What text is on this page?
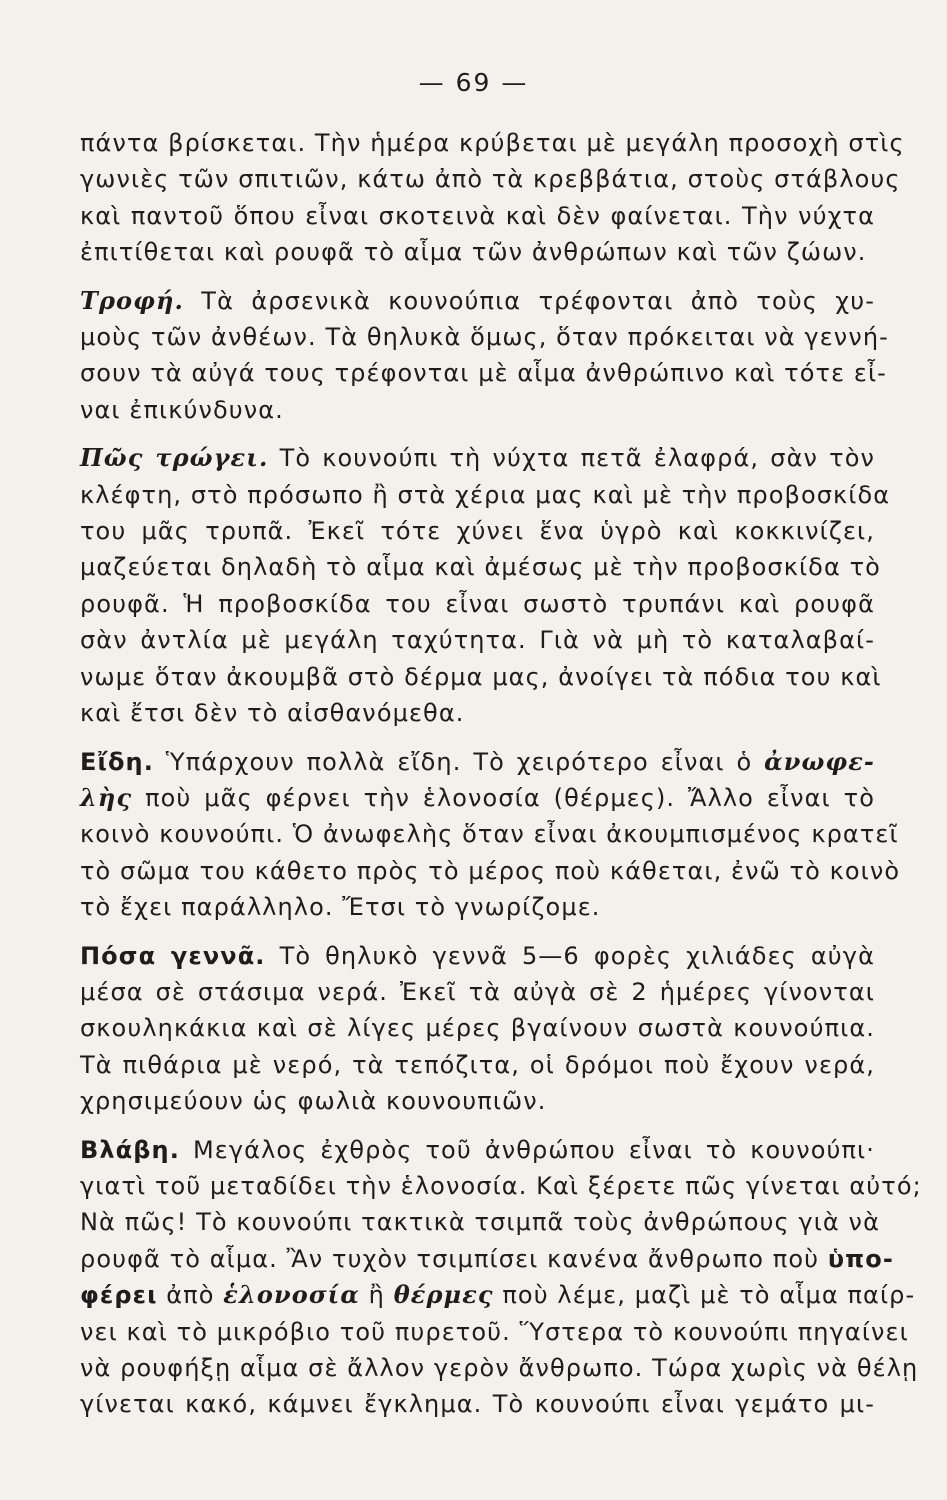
— 69 —
πάντα βρίσκεται. Τὴν ἡμέρα κρύβεται μὲ μεγάλη προσοχὴ στὶς
γωνιὲς τῶν σπιτιῶν, κάτω ἀπὸ τὰ κρεββάτια, στοὺς στάβλους
καὶ παντοῦ ὅπου εἶναι σκοτεινὰ καὶ δὲν φαίνεται. Τὴν νύχτα
ἐπιτίθεται καὶ ρουφᾶ τὸ αἷμα τῶν ἀνθρώπων καὶ τῶν ζώων.
Τροφή. Τὰ ἀρσενικὰ κουνούπια τρέφονται ἀπὸ τοὺς χυ-
μοὺς τῶν ἀνθέων. Τὰ θηλυκὰ ὅμως, ὅταν πρόκειται νὰ γεννή-
σουν τὰ αὐγά τους τρέφονται μὲ αἷμα ἀνθρώπινο καὶ τότε εἶ-
ναι ἐπικύνδυνα.
Πῶς τρώγει. Τὸ κουνούπι τὴ νύχτα πετᾶ ἐλαφρά, σὰν τὸν
κλέφτη, στὸ πρόσωπο ἢ στὰ χέρια μας καὶ μὲ τὴν προβοσκίδα
του μᾶς τρυπᾶ. Ἐκεῖ τότε χύνει ἕνα ὑγρὸ καὶ κοκκινίζει,
μαζεύεται δηλαδὴ τὸ αἷμα καὶ ἀμέσως μὲ τὴν προβοσκίδα τὸ
ρουφᾶ. Ἡ προβοσκίδα του εἶναι σωστὸ τρυπάνι καὶ ρουφᾶ
σὰν ἀντλία μὲ μεγάλη ταχύτητα. Γιὰ νὰ μὴ τὸ καταλαβαί-
νωμε ὅταν ἀκουμβᾶ στὸ δέρμα μας, ἀνοίγει τὰ πόδια του καὶ
καὶ ἔτσι δὲν τὸ αἰσθανόμεθα.
Εἴδη. Ὑπάρχουν πολλὰ εἴδη. Τὸ χειρότερο εἶναι ὁ ἀνωφε-
λὴς ποὺ μᾶς φέρνει τὴν ἑλονοσία (θέρμες). Ἄλλο εἶναι τὸ
κοινὸ κουνούπι. Ὁ ἀνωφελὴς ὅταν εἶναι ἀκουμπισμένος κρατεῖ
τὸ σῶμα του κάθετο πρὸς τὸ μέρος ποὺ κάθεται, ἐνῶ τὸ κοινὸ
τὸ ἔχει παράλληλο. Ἔτσι τὸ γνωρίζομε.
Πόσα γεννᾶ. Τὸ θηλυκὸ γεννᾶ 5—6 φορὲς χιλιάδες αὐγὰ
μέσα σὲ στάσιμα νερά. Ἐκεῖ τὰ αὐγὰ σὲ 2 ἡμέρες γίνονται
σκουληκάκια καὶ σὲ λίγες μέρες βγαίνουν σωστὰ κουνούπια.
Τὰ πιθάρια μὲ νερό, τὰ τεπόζιτα, οἱ δρόμοι ποὺ ἔχουν νερά,
χρησιμεύουν ὡς φωλιὰ κουνουπιῶν.
Βλάβη. Μεγάλος ἐχθρὸς τοῦ ἀνθρώπου εἶναι τὸ κουνούπι·
γιατὶ τοῦ μεταδίδει τὴν ἑλονοσία. Καὶ ξέρετε πῶς γίνεται αὐτό;
Νὰ πῶς! Τὸ κουνούπι τακτικὰ τσιμπᾶ τοὺς ἀνθρώπους γιὰ νὰ
ρουφᾶ τὸ αἷμα. Ἂν τυχὸν τσιμπίσει κανένα ἄνθρωπο ποὺ ὑπο-
φέρει ἀπὸ ἑλονοσία ἢ θέρμες ποὺ λέμε, μαζὶ μὲ τὸ αἷμα παίρ-
νει καὶ τὸ μικρόβιο τοῦ πυρετοῦ. Ὕστερα τὸ κουνούπι πηγαίνει
νὰ ρουφήξῃ αἷμα σὲ ἄλλον γερὸν ἄνθρωπο. Τώρα χωρὶς νὰ θέλῃ
γίνεται κακό, κάμνει ἔγκλημα. Τὸ κουνούπι εἶναι γεμάτο μι-
